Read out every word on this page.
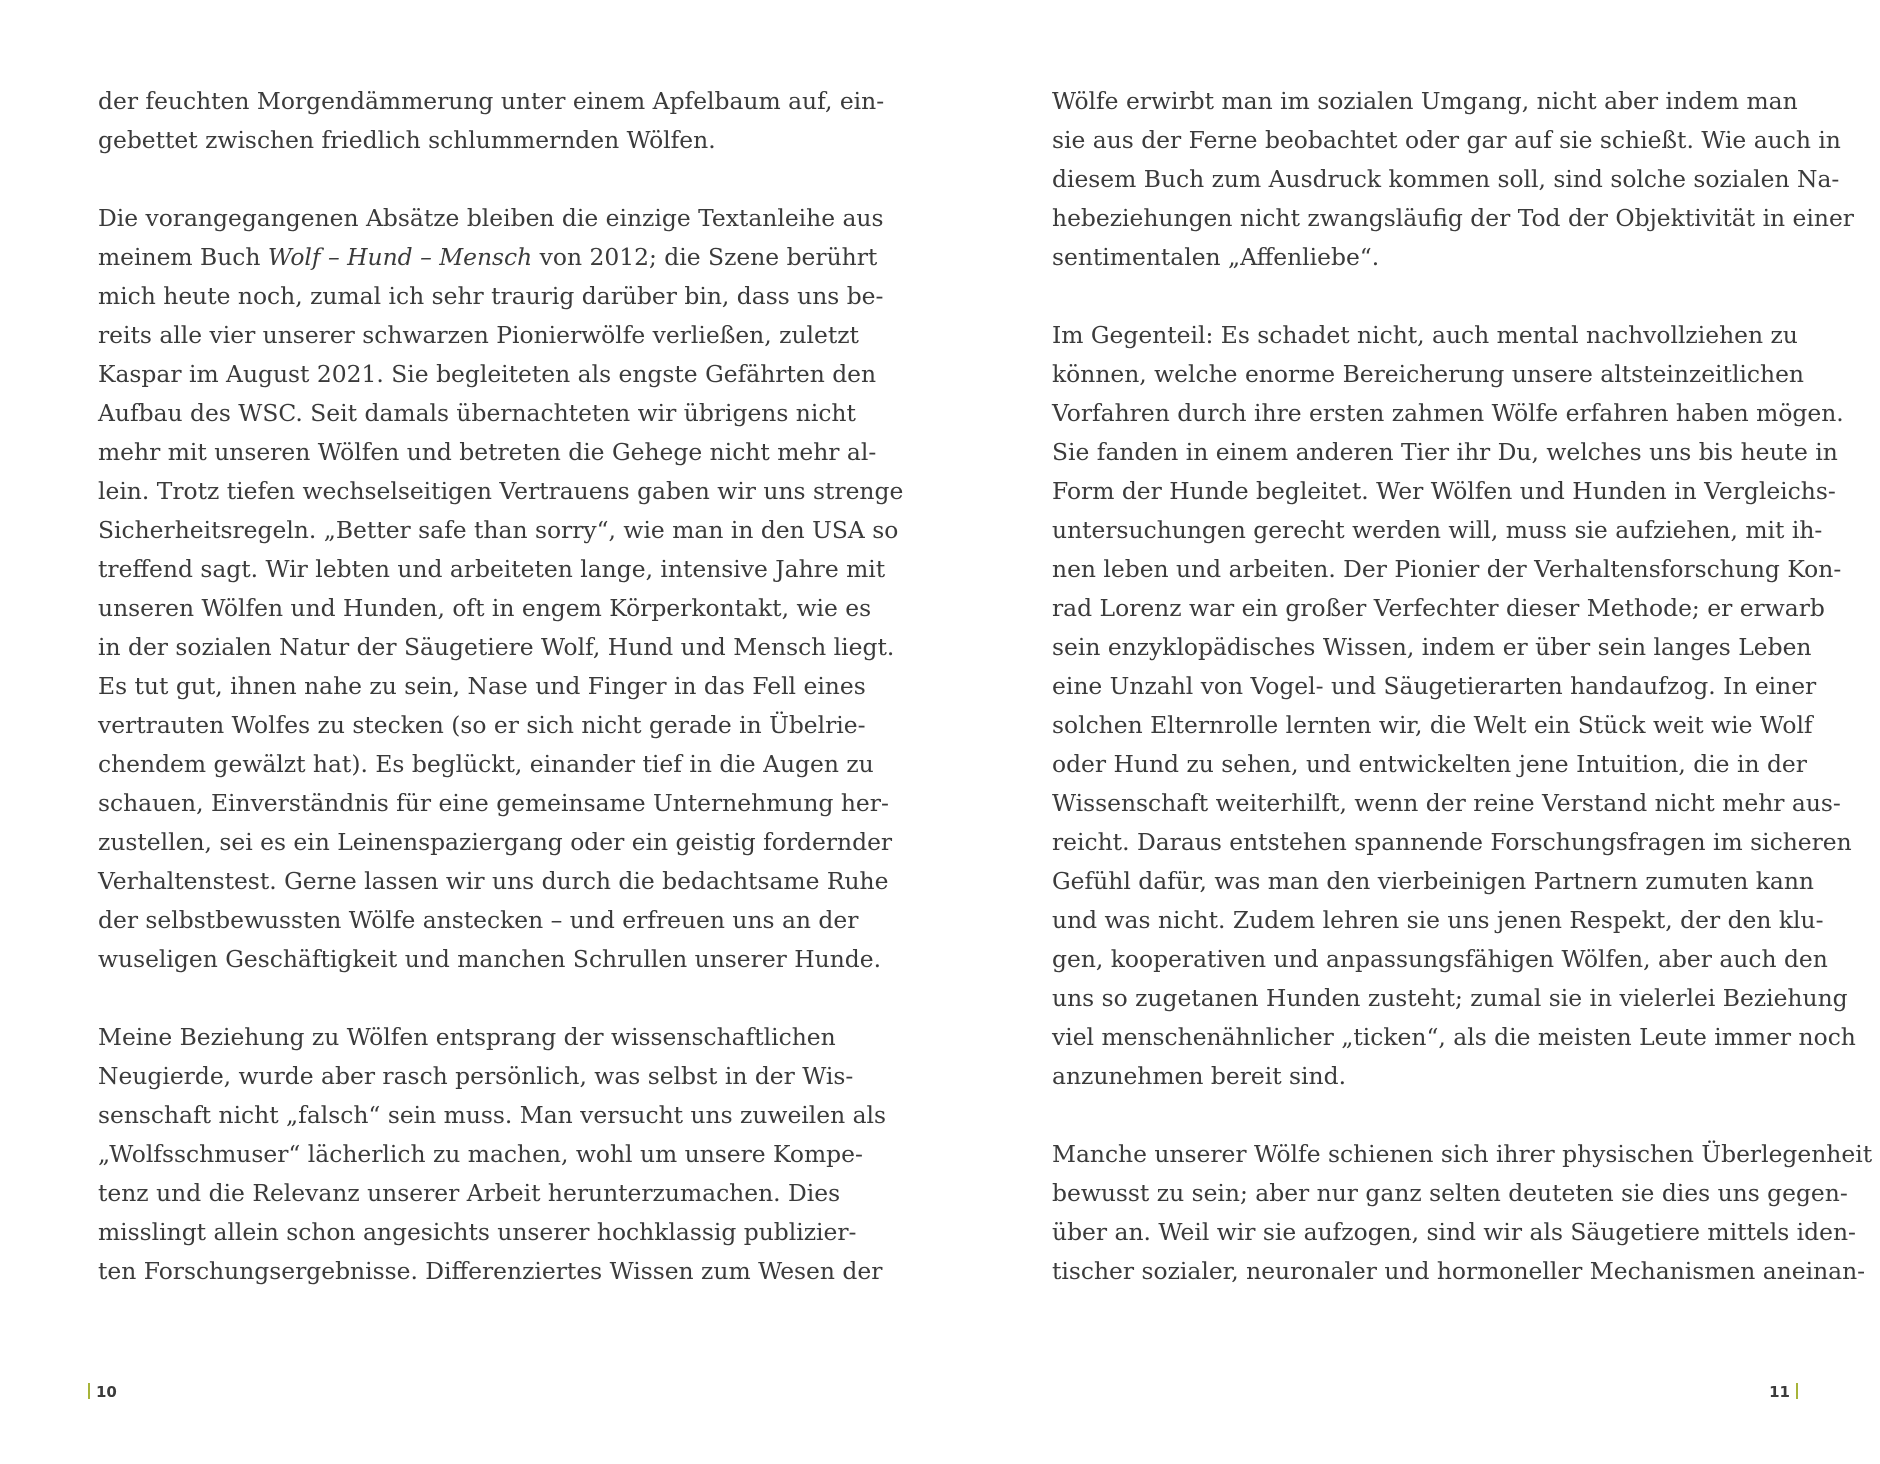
der feuchten Morgendämmerung unter einem Apfelbaum auf, ein-
gebettet zwischen friedlich schlummernden Wölfen.

Die vorangegangenen Absätze bleiben die einzige Textanleihe aus
meinem Buch Wolf – Hund – Mensch von 2012; die Szene berührt
mich heute noch, zumal ich sehr traurig darüber bin, dass uns be-
reits alle vier unserer schwarzen Pionierwölfe verließen, zuletzt
Kaspar im August 2021. Sie begleiteten als engste Gefährten den
Aufbau des WSC. Seit damals übernachteten wir übrigens nicht
mehr mit unseren Wölfen und betreten die Gehege nicht mehr al-
lein. Trotz tiefen wechselseitigen Vertrauens gaben wir uns strenge
Sicherheitsregeln. „Better safe than sorry“, wie man in den USA so
treffend sagt. Wir lebten und arbeiteten lange, intensive Jahre mit
unseren Wölfen und Hunden, oft in engem Körperkontakt, wie es
in der sozialen Natur der Säugetiere Wolf, Hund und Mensch liegt.
Es tut gut, ihnen nahe zu sein, Nase und Finger in das Fell eines
vertrauten Wolfes zu stecken (so er sich nicht gerade in Übelrie-
chendem gewälzt hat). Es beglückt, einander tief in die Augen zu
schauen, Einverständnis für eine gemeinsame Unternehmung her-
zustellen, sei es ein Leinenspaziergang oder ein geistig fordernder
Verhaltenstest. Gerne lassen wir uns durch die bedachtsame Ruhe
der selbstbewussten Wölfe anstecken – und erfreuen uns an der
wuseligen Geschäftigkeit und manchen Schrullen unserer Hunde.

Meine Beziehung zu Wölfen entsprang der wissenschaftlichen
Neugierde, wurde aber rasch persönlich, was selbst in der Wis-
senschaft nicht „falsch“ sein muss. Man versucht uns zuweilen als
„Wolfsschmuser“ lächerlich zu machen, wohl um unsere Kompe-
tenz und die Relevanz unserer Arbeit herunterzumachen. Dies
misslingt allein schon angesichts unserer hochklassig publizier-
ten Forschungsergebnisse. Differenziertes Wissen zum Wesen der

Wölfe erwirbt man im sozialen Umgang, nicht aber indem man
sie aus der Ferne beobachtet oder gar auf sie schießt. Wie auch in
diesem Buch zum Ausdruck kommen soll, sind solche sozialen Na-
hebeziehungen nicht zwangsläufig der Tod der Objektivität in einer
sentimentalen „Affenliebe“.

Im Gegenteil: Es schadet nicht, auch mental nachvollziehen zu
können, welche enorme Bereicherung unsere altsteinzeitlichen
Vorfahren durch ihre ersten zahmen Wölfe erfahren haben mögen.
Sie fanden in einem anderen Tier ihr Du, welches uns bis heute in
Form der Hunde begleitet. Wer Wölfen und Hunden in Vergleichs-
untersuchungen gerecht werden will, muss sie aufziehen, mit ih-
nen leben und arbeiten. Der Pionier der Verhaltensforschung Kon-
rad Lorenz war ein großer Verfechter dieser Methode; er erwarb
sein enzyklopädisches Wissen, indem er über sein langes Leben
eine Unzahl von Vogel- und Säugetierarten handaufzog. In einer
solchen Elternrolle lernten wir, die Welt ein Stück weit wie Wolf
oder Hund zu sehen, und entwickelten jene Intuition, die in der
Wissenschaft weiterhilft, wenn der reine Verstand nicht mehr aus-
reicht. Daraus entstehen spannende Forschungsfragen im sicheren
Gefühl dafür, was man den vierbeinigen Partnern zumuten kann
und was nicht. Zudem lehren sie uns jenen Respekt, der den klu-
gen, kooperativen und anpassungsfähigen Wölfen, aber auch den
uns so zugetanen Hunden zusteht; zumal sie in vielerlei Beziehung
viel menschenähnlicher „ticken“, als die meisten Leute immer noch
anzunehmen bereit sind.

Manche unserer Wölfe schienen sich ihrer physischen Überlegenheit
bewusst zu sein; aber nur ganz selten deuteten sie dies uns gegen-
über an. Weil wir sie aufzogen, sind wir als Säugetiere mittels iden-
tischer sozialer, neuronaler und hormoneller Mechanismen aneinan-

10	11
